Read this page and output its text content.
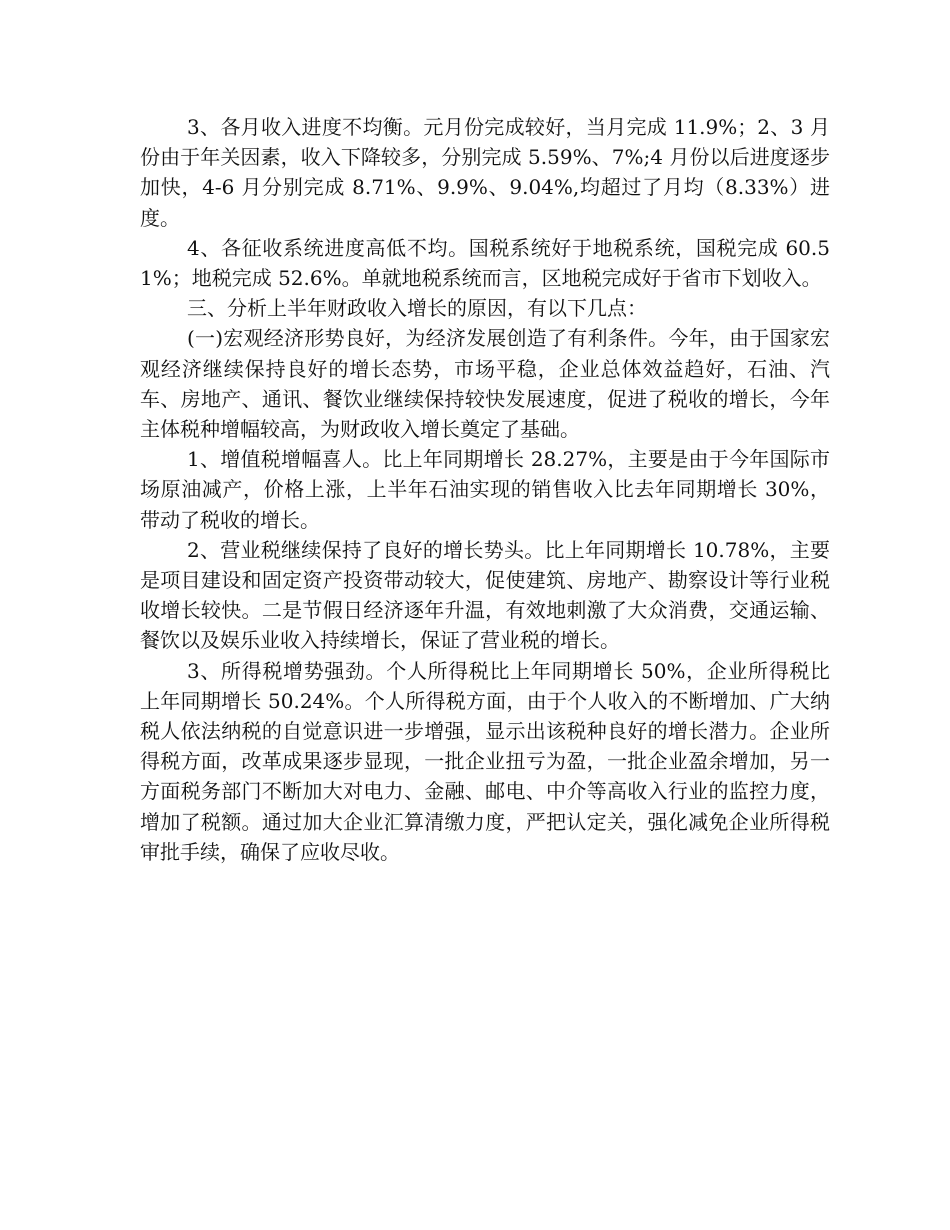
3、各月收入进度不均衡。元月份完成较好，当月完成 11.9%；2、3 月份由于年关因素，收入下降较多，分别完成 5.59%、7%;4 月份以后进度逐步加快，4-6 月分别完成 8.71%、9.9%、9.04%,均超过了月均（8.33%）进度。

4、各征收系统进度高低不均。国税系统好于地税系统，国税完成 60.51%；地税完成 52.6%。单就地税系统而言，区地税完成好于省市下划收入。

三、分析上半年财政收入增长的原因，有以下几点：

(一)宏观经济形势良好，为经济发展创造了有利条件。今年，由于国家宏观经济继续保持良好的增长态势，市场平稳，企业总体效益趋好，石油、汽车、房地产、通讯、餐饮业继续保持较快发展速度，促进了税收的增长，今年主体税种增幅较高，为财政收入增长奠定了基础。

1、增值税增幅喜人。比上年同期增长 28.27%，主要是由于今年国际市场原油减产，价格上涨，上半年石油实现的销售收入比去年同期增长 30%，带动了税收的增长。

2、营业税继续保持了良好的增长势头。比上年同期增长 10.78%，主要是项目建设和固定资产投资带动较大，促使建筑、房地产、勘察设计等行业税收增长较快。二是节假日经济逐年升温，有效地刺激了大众消费，交通运输、餐饮以及娱乐业收入持续增长，保证了营业税的增长。

3、所得税增势强劲。个人所得税比上年同期增长 50%，企业所得税比上年同期增长 50.24%。个人所得税方面，由于个人收入的不断增加、广大纳税人依法纳税的自觉意识进一步增强，显示出该税种良好的增长潜力。企业所得税方面，改革成果逐步显现，一批企业扭亏为盈，一批企业盈余增加，另一方面税务部门不断加大对电力、金融、邮电、中介等高收入行业的监控力度，增加了税额。通过加大企业汇算清缴力度，严把认定关，强化减免企业所得税审批手续，确保了应收尽收。
